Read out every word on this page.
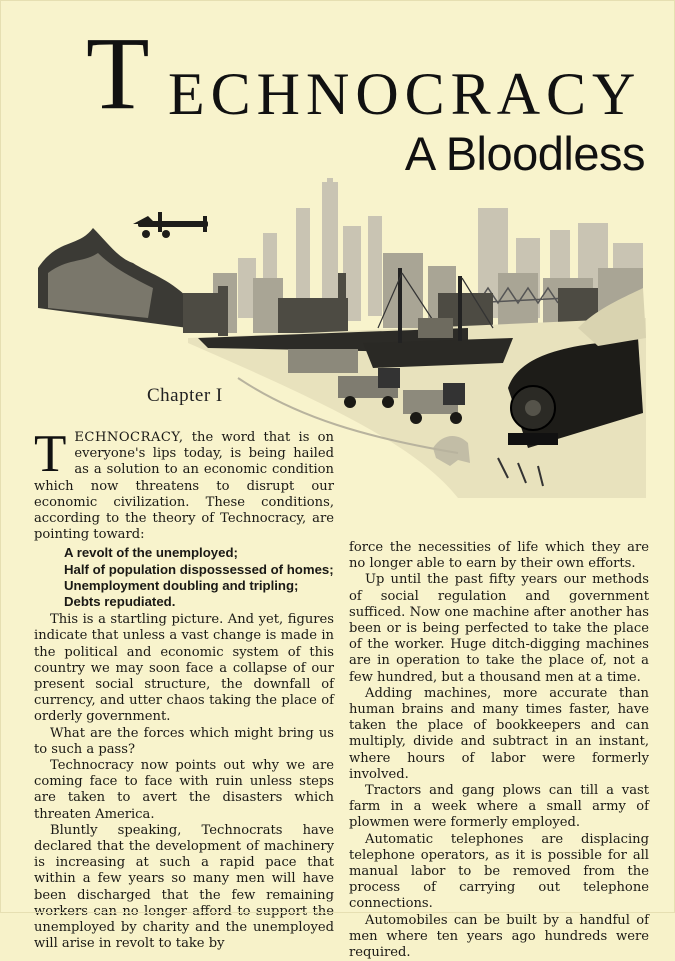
T ECHNOCRACY
A Bloodless
Chapter I

TECHNOCRACY, the word that is on everyone's lips today, is being hailed as a solution to an economic condition which now threatens to disrupt our economic civilization. These conditions, according to the theory of Technocracy, are pointing toward:

A revolt of the unemployed;
Half of population dispossessed of homes;
Unemployment doubling and tripling;
Debts repudiated.

This is a startling picture. And yet, figures indicate that unless a vast change is made in the political and economic system of this country we may soon face a collapse of our present social structure, the downfall of currency, and utter chaos taking the place of orderly government.

What are the forces which might bring us to such a pass?

Technocracy now points out why we are coming face to face with ruin unless steps are taken to avert the disasters which threaten America.

Bluntly speaking, Technocrats have declared that the development of machinery is increasing at such a rapid pace that within a few years so many men will have been discharged that the few remaining workers can no longer afford to support the unemployed by charity and the unemployed will arise in revolt to take by

force the necessities of life which they are no longer able to earn by their own efforts.

Up until the past fifty years our methods of social regulation and government sufficed. Now one machine after another has been or is being perfected to take the place of the worker. Huge ditch-digging machines are in operation to take the place of, not a few hundred, but a thousand men at a time.

Adding machines, more accurate than human brains and many times faster, have taken the place of bookkeepers and can multiply, divide and subtract in an instant, where hours of labor were formerly involved.

Tractors and gang plows can till a vast farm in a week where a small army of plowmen were formerly employed.

Automatic telephones are displacing telephone operators, as it is possible for all manual labor to be removed from the process of carrying out telephone connections.

Automobiles can be built by a handful of men where ten years ago hundreds were required.
